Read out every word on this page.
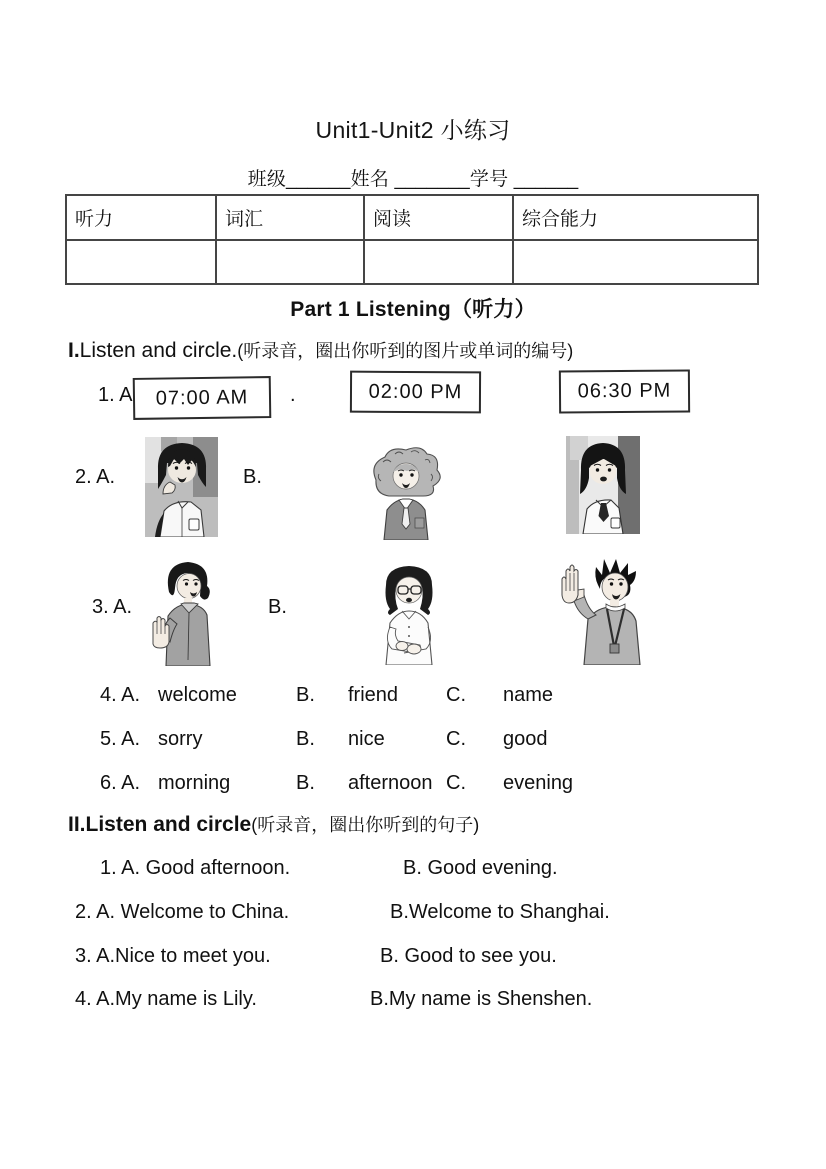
Unit1-Unit2 小练习
班级______姓名 _______学号 ______
听力	词汇	阅读	综合能力

Part 1 Listening（听力）
I.Listen and circle.(听录音，圈出你听到的图片或单词的编号)
1. A	07:00 AM	.	02:00 PM	06:30 PM
2. A.	B.
3. A.	B.
4. A. welcome	B. friend C. name
5. A. sorry	B. nice	C. good
6. A. morning	B. afternoon C. evening
II.Listen and circle(听录音，圈出你听到的句子)
1. A. Good afternoon.	B. Good evening.
2. A. Welcome to China.	B.Welcome to Shanghai.
3. A.Nice to meet you.	B. Good to see you.
4. A.My name is Lily.	B.My name is Shenshen.
